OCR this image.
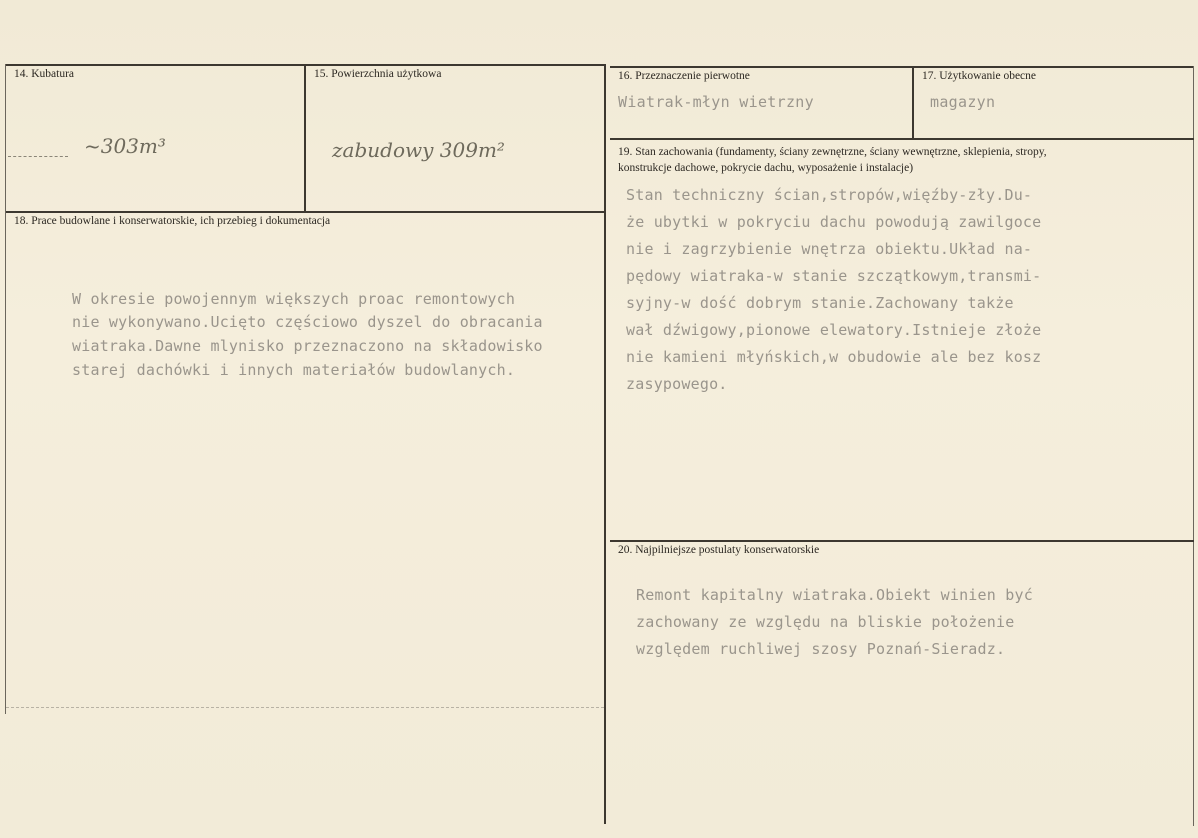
14. Kubatura
~303m³
15. Powierzchnia użytkowa
zabudowy 309m²
16. Przeznaczenie pierwotne
Wiatrak-młyn wietrzny
17. Użytkowanie obecne
magazyn
18. Prace budowlane i konserwatorskie, ich przebieg i dokumentacja
W okresie powojennym większych proac remontowych
nie wykonywano.Ucięto częściowo dyszel do obracania
wiatraka.Dawne mlynisko przeznaczono na składowisko
starej dachówki i innych materiałów budowlanych.
19. Stan zachowania (fundamenty, ściany zewnętrzne, ściany wewnętrzne, sklepienia, stropy,
konstrukcje dachowe, pokrycie dachu, wyposażenie i instalacje)
Stan techniczny ścian,stropów,więźby-zły.Du-
że ubytki w pokryciu dachu powodują zawilgoce
nie i zagrzybienie wnętrza obiektu.Układ na-
pędowy wiatraka-w stanie szczątkowym,transmi-
syjny-w dość dobrym stanie.Zachowany także
wał dźwigowy,pionowe elewatory.Istnieje złoże
nie kamieni młyńskich,w obudowie ale bez kosz
zasypowego.
20. Najpilniejsze postulaty konserwatorskie
Remont kapitalny wiatraka.Obiekt winien być
zachowany ze względu na bliskie położenie
względem ruchliwej szosy Poznań-Sieradz.
